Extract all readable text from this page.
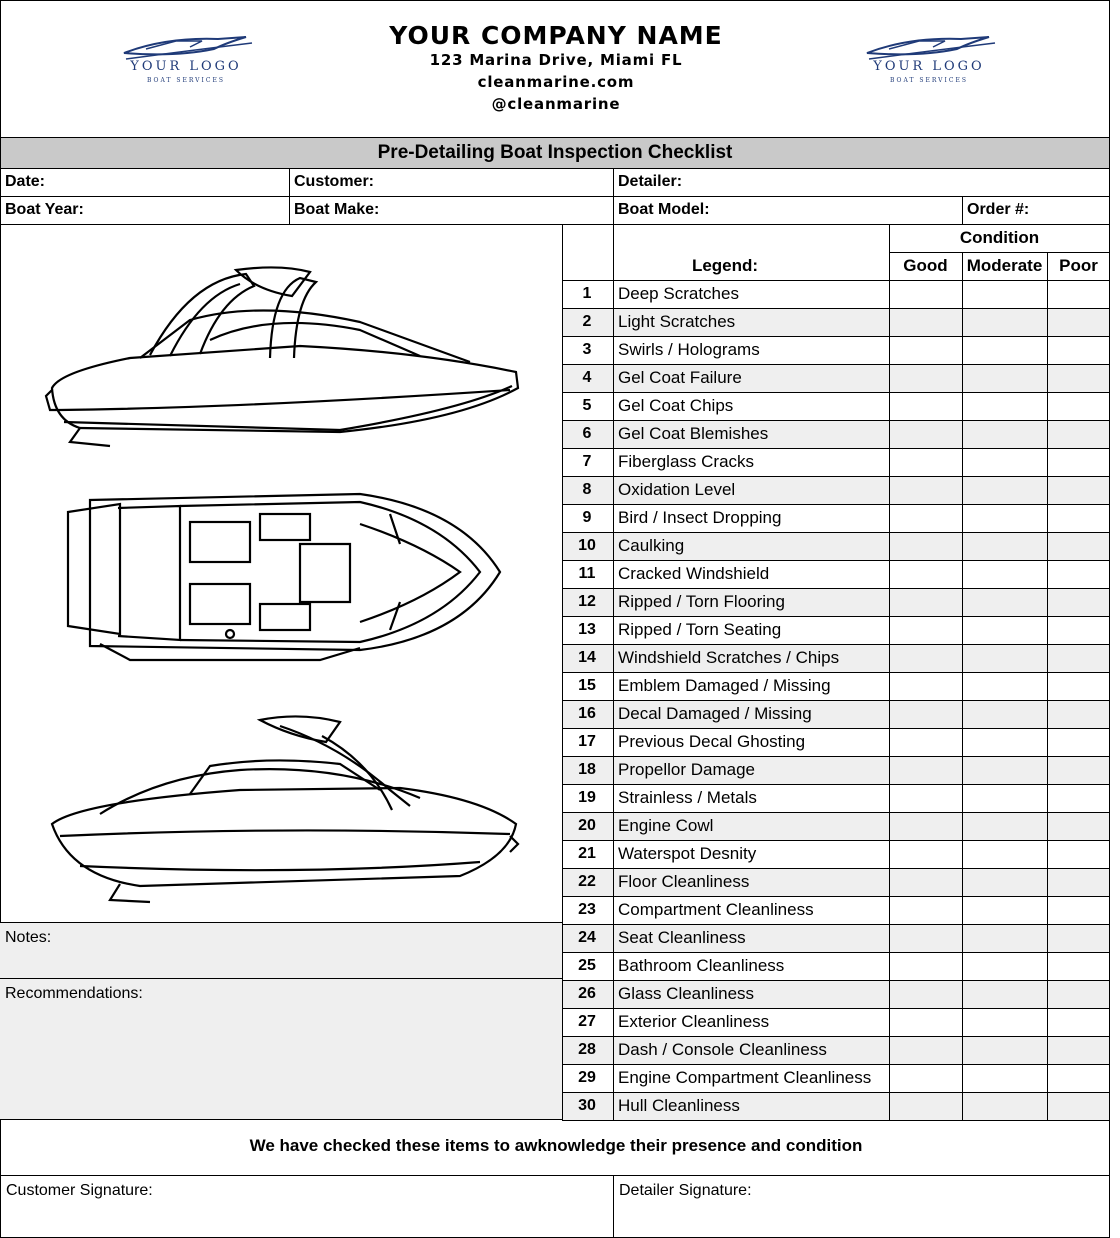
YOUR LOGO
BOAT SERVICES
YOUR LOGO
BOAT SERVICES
YOUR COMPANY NAME
123 Marina Drive, Miami FL
cleanmarine.com
@cleanmarine
Pre-Detailing Boat Inspection Checklist
Date:	Customer:	Detailer:
Boat Year:	Boat Make:	Boat Model:	Order #:
Condition
Legend:	Good	Moderate Poor
Notes:
Recommendations:
We have checked these items to awknowledge their presence and condition
Customer Signature:	Detailer Signature:
1	Deep Scratches
2	Light Scratches
3	Swirls / Holograms
4	Gel Coat Failure
5	Gel Coat Chips
6	Gel Coat Blemishes
7	Fiberglass Cracks
8	Oxidation Level
9	Bird / Insect Dropping
10	Caulking
11	Cracked Windshield
12	Ripped / Torn Flooring
13	Ripped / Torn Seating
14	Windshield Scratches / Chips
15	Emblem Damaged / Missing
16	Decal Damaged / Missing
17	Previous Decal Ghosting
18	Propellor Damage
19	Strainless / Metals
20	Engine Cowl
21	Waterspot Desnity
22	Floor Cleanliness
23	Compartment Cleanliness
24	Seat Cleanliness
25	Bathroom Cleanliness
26	Glass Cleanliness
27	Exterior Cleanliness
28	Dash / Console Cleanliness
29	Engine Compartment Cleanliness
30	Hull Cleanliness
